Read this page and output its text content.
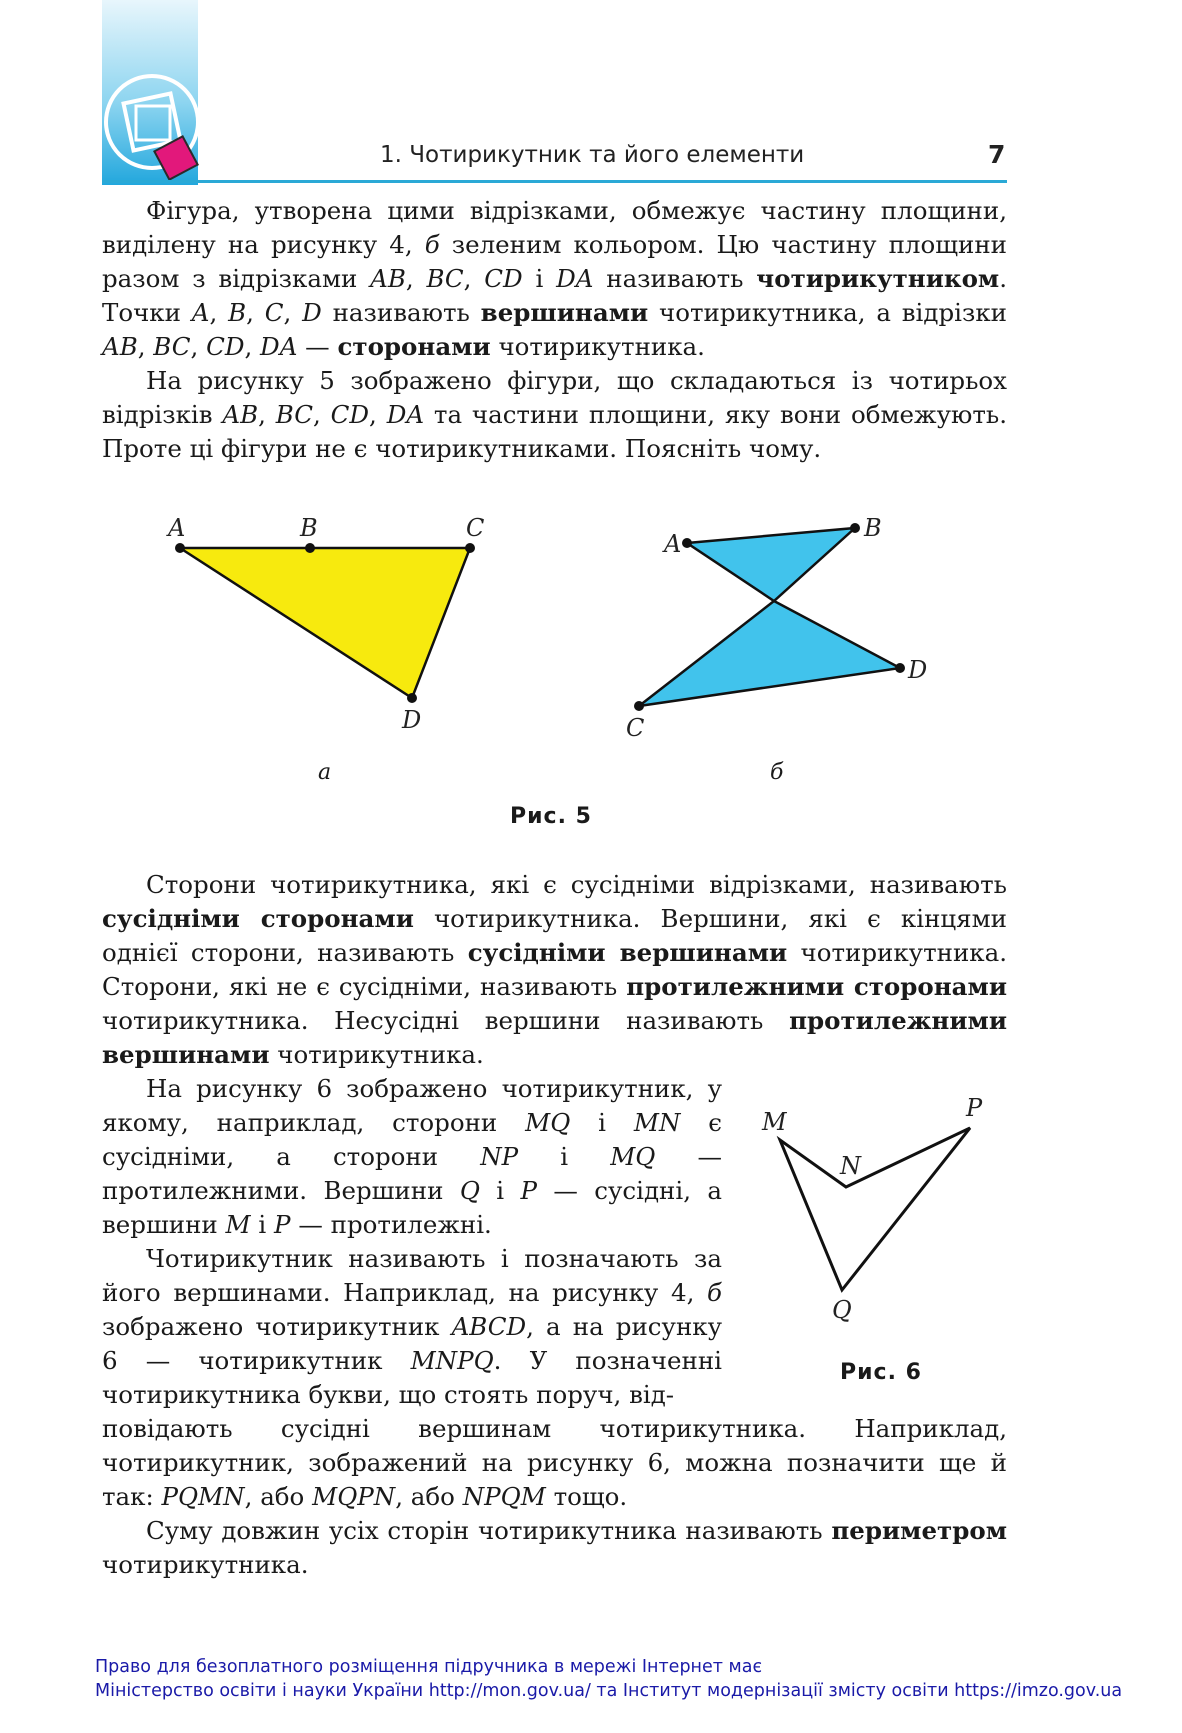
1. Чотирикутник та його елементи	7
Фігура, утворена цими відрізками, обмежує частину площини, виділену на рисунку 4, б зеленим кольором. Цю частину площини разом з відрізками AB, BC, CD і DA називають чотирикутником. Точки A, B, C, D називають вершинами чотирикутника, а відрізки AB, BC, CD, DA — сторонами чотирикутника.
На рисунку 5 зображено фігури, що складаються із чотирьох відрізків AB, BC, CD, DA та частини площини, яку вони обмежують. Проте ці фігури не є чотирикутниками. Поясніть чому.
A	B	C
D
A
B
C
D
а	б
Рис. 5
Сторони чотирикутника, які є сусідніми відрізками, називають сусідніми сторонами чотирикутника. Вершини, які є кінцями однієї сторони, називають сусідніми вершинами чотирикутника. Сторони, які не є сусідніми, називають протилежними сторонами чотирикутника. Несусідні вершини називають протилежними вершинами чотирикутника.
На рисунку 6 зображено чотирикутник, у якому, наприклад, сторони MQ і MN є сусідніми, а сторони NP і MQ — протилежними. Вершини Q і P — сусідні, а вершини M і P — протилежні.
Чотирикутник називають і позначають за його вершинами. Наприклад, на рисунку 4, б зображено чотирикутник ABCD, а на рисунку 6 — чотирикутник MNPQ. У позначенні чотирикутника букви, що стоять поруч, від-
повідають сусідні вершинам чотирикутника. Наприклад, чотирикутник, зображений на рисунку 6, можна позначити ще й так: PQMN, або MQPN, або NPQM тощо.
Суму довжин усіх сторін чотирикутника називають периметром чотирикутника.
M
N
P
Q
Рис. 6
Право для безоплатного розміщення підручника в мережі Інтернет має
Міністерство освіти і науки України http://mon.gov.ua/ та Інститут модернізації змісту освіти https://imzo.gov.ua
